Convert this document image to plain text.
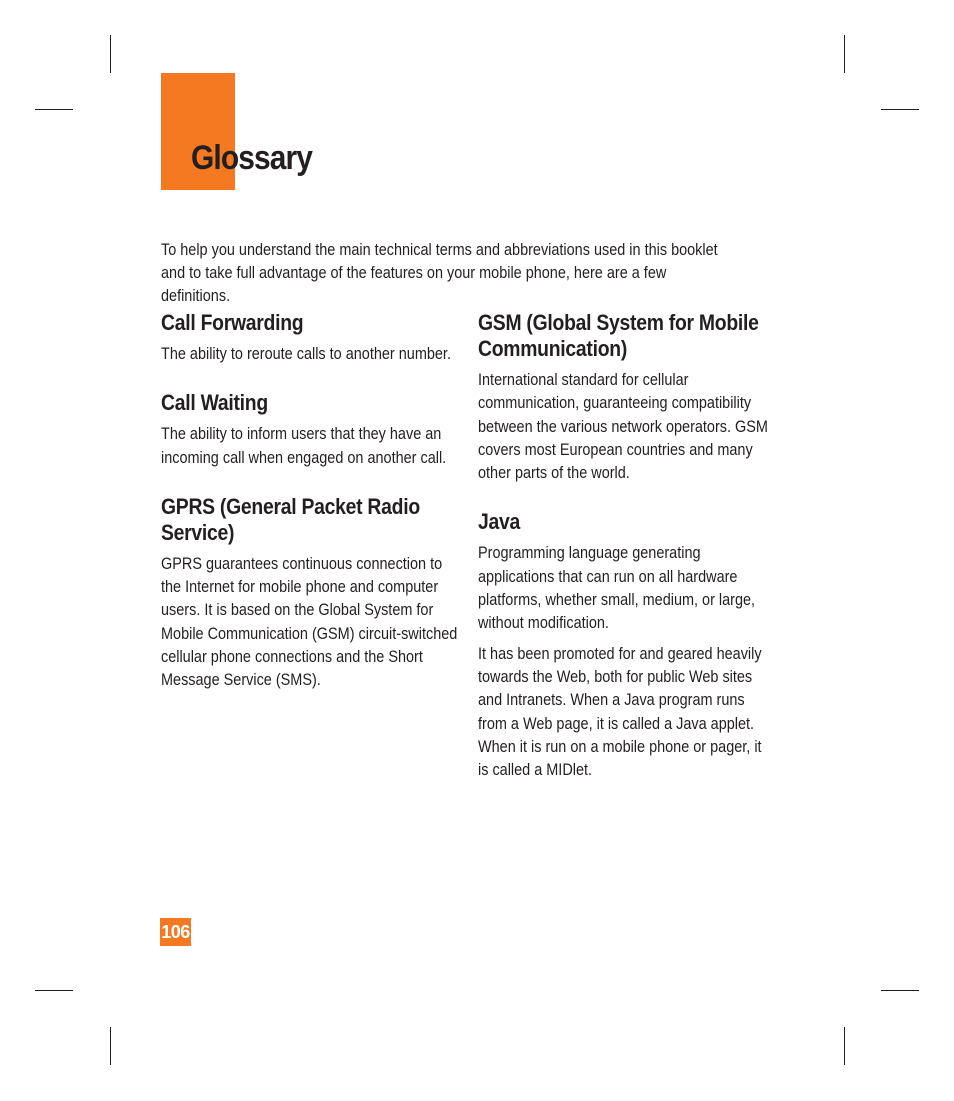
Glossary

To help you understand the main technical terms and abbreviations used in this booklet and to take full advantage of the features on your mobile phone, here are a few definitions.

Call Forwarding

The ability to reroute calls to another number.

Call Waiting

The ability to inform users that they have an incoming call when engaged on another call.

GPRS (General Packet Radio Service)

GPRS guarantees continuous connection to the Internet for mobile phone and computer users. It is based on the Global System for Mobile Communication (GSM) circuit-switched cellular phone connections and the Short Message Service (SMS).

GSM (Global System for Mobile Communication)

International standard for cellular communication, guaranteeing compatibility between the various network operators. GSM covers most European countries and many other parts of the world.

Java

Programming language generating applications that can run on all hardware platforms, whether small, medium, or large, without modification.

It has been promoted for and geared heavily towards the Web, both for public Web sites and Intranets. When a Java program runs from a Web page, it is called a Java applet. When it is run on a mobile phone or pager, it is called a MIDlet.

106
